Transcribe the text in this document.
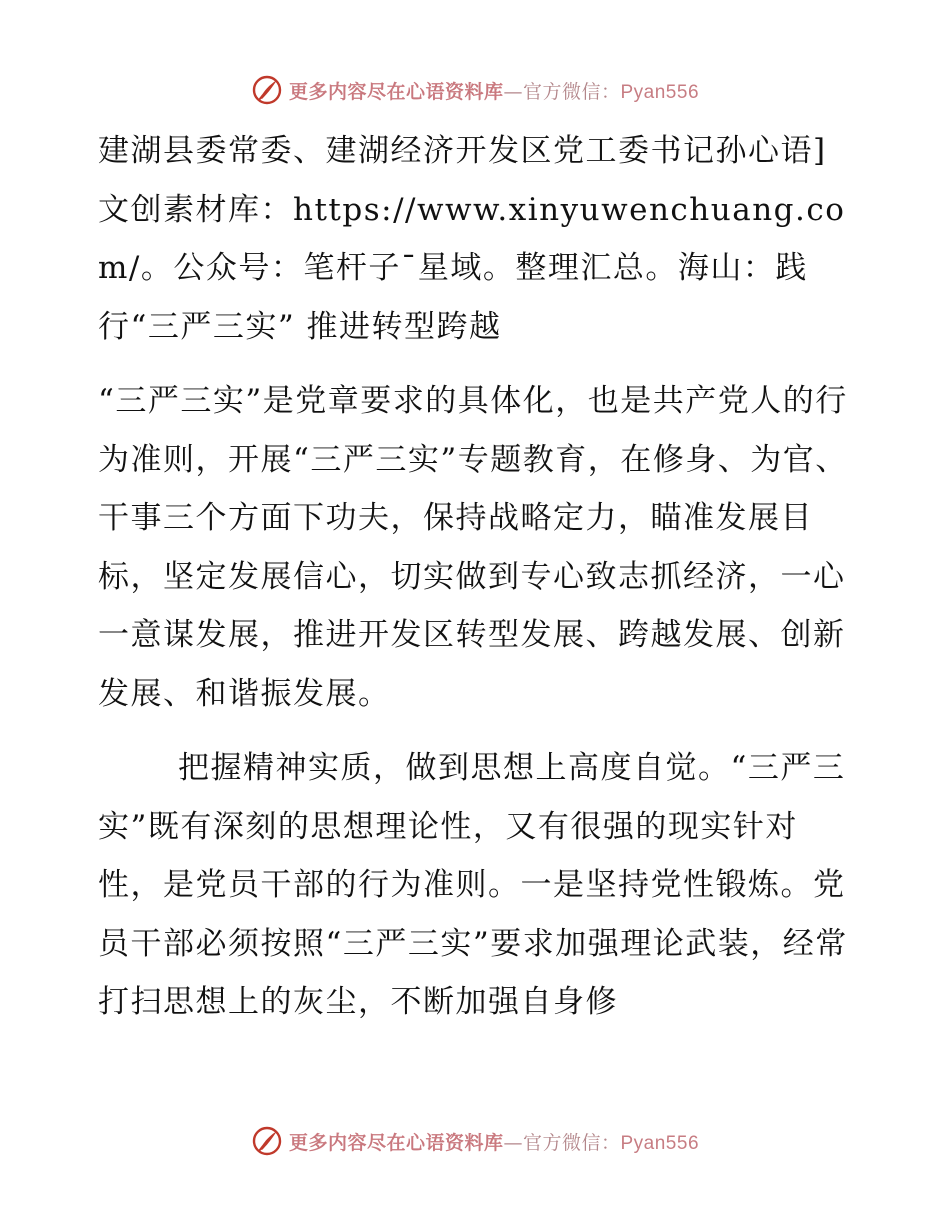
更多内容尽在心语资料库—官方微信：Pyan556

建湖县委常委、建湖经济开发区党工委书记孙心语]文创素材库：https://www.xinyuwenchuang.com/。公众号：笔杆子¯星域。整理汇总。海山：践行“三严三实” 推进转型跨越

“三严三实”是党章要求的具体化，也是共产党人的行为准则，开展“三严三实”专题教育，在修身、为官、干事三个方面下功夫，保持战略定力，瞄准发展目标，坚定发展信心，切实做到专心致志抓经济，一心一意谋发展，推进开发区转型发展、跨越发展、创新发展、和谐振发展。

把握精神实质，做到思想上高度自觉。“三严三实”既有深刻的思想理论性，又有很强的现实针对性，是党员干部的行为准则。一是坚持党性锻炼。党员干部必须按照“三严三实”要求加强理论武装，经常打扫思想上的灰尘，不断加强自身修

更多内容尽在心语资料库—官方微信：Pyan556
